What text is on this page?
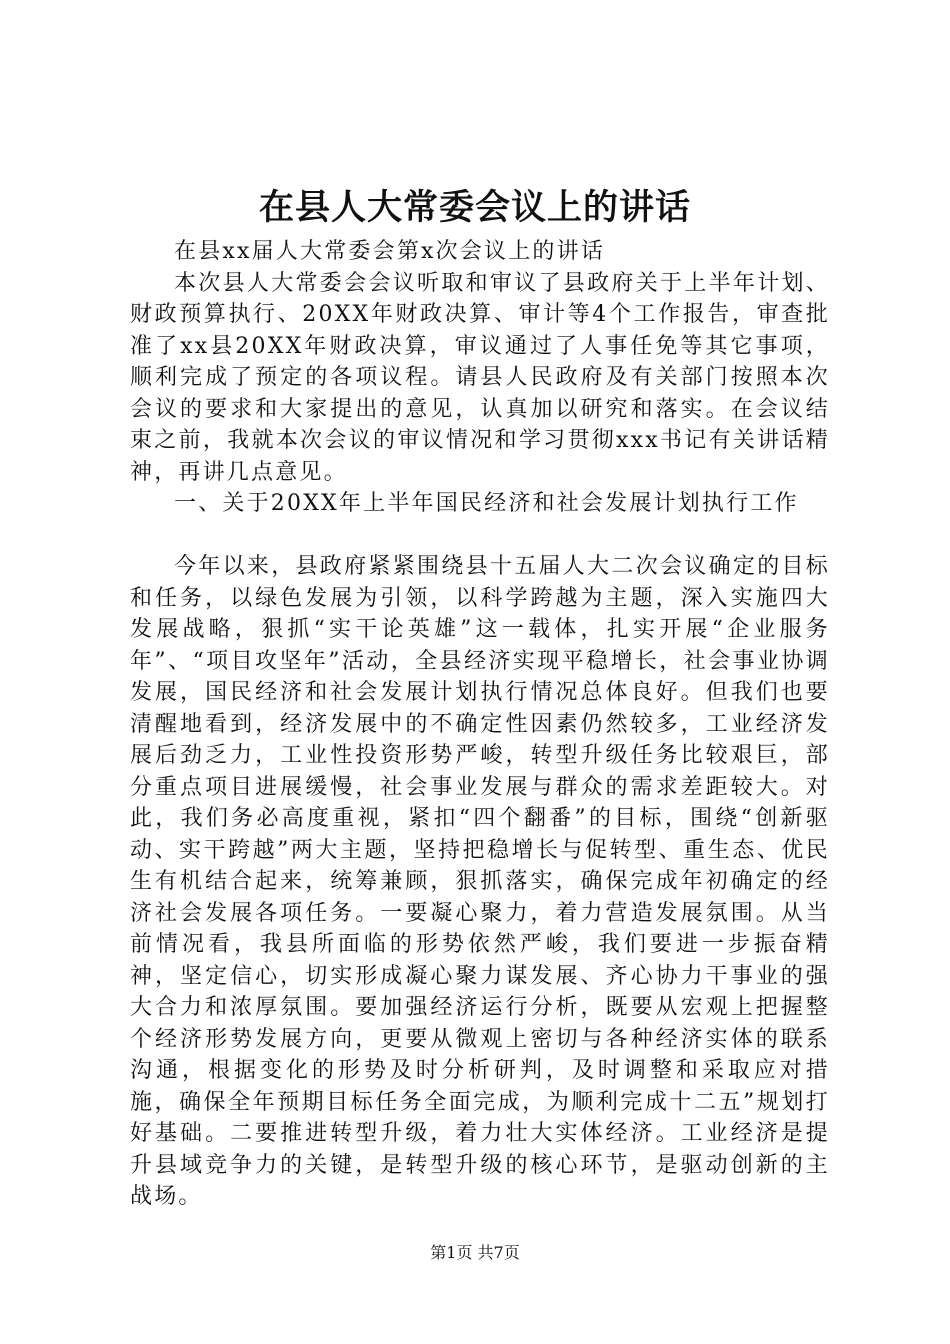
在县人大常委会议上的讲话

在县xx届人大常委会第x次会议上的讲话

本次县人大常委会会议听取和审议了县政府关于上半年计划、财政预算执行、20XX年财政决算、审计等4个工作报告，审查批准了xx县20XX年财政决算，审议通过了人事任免等其它事项，顺利完成了预定的各项议程。请县人民政府及有关部门按照本次会议的要求和大家提出的意见，认真加以研究和落实。在会议结束之前，我就本次会议的审议情况和学习贯彻xxx书记有关讲话精神，再讲几点意见。

一、关于20XX年上半年国民经济和社会发展计划执行工作

今年以来，县政府紧紧围绕县十五届人大二次会议确定的目标和任务，以绿色发展为引领，以科学跨越为主题，深入实施四大发展战略，狠抓“实干论英雄”这一载体，扎实开展“企业服务年”、“项目攻坚年”活动，全县经济实现平稳增长，社会事业协调发展，国民经济和社会发展计划执行情况总体良好。但我们也要清醒地看到，经济发展中的不确定性因素仍然较多，工业经济发展后劲乏力，工业性投资形势严峻，转型升级任务比较艰巨，部分重点项目进展缓慢，社会事业发展与群众的需求差距较大。对此，我们务必高度重视，紧扣“四个翻番”的目标，围绕“创新驱动、实干跨越”两大主题，坚持把稳增长与促转型、重生态、优民生有机结合起来，统筹兼顾，狠抓落实，确保完成年初确定的经济社会发展各项任务。一要凝心聚力，着力营造发展氛围。从当前情况看，我县所面临的形势依然严峻，我们要进一步振奋精神，坚定信心，切实形成凝心聚力谋发展、齐心协力干事业的强大合力和浓厚氛围。要加强经济运行分析，既要从宏观上把握整个经济形势发展方向，更要从微观上密切与各种经济实体的联系沟通，根据变化的形势及时分析研判，及时调整和采取应对措施，确保全年预期目标任务全面完成，为顺利完成十二五”规划打好基础。二要推进转型升级，着力壮大实体经济。工业经济是提升县域竞争力的关键，是转型升级的核心环节，是驱动创新的主战场。

第1页 共7页
